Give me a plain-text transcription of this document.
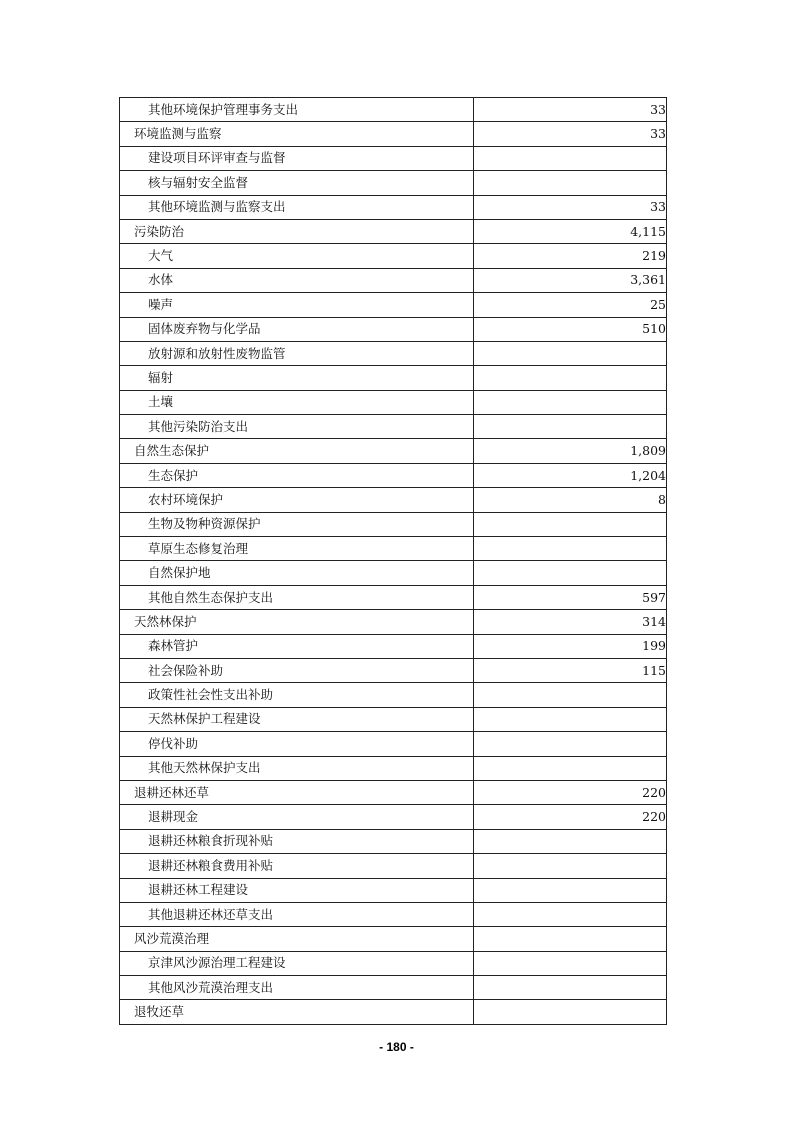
其他环境保护管理事务支出	33
环境监测与监察	33
建设项目环评审查与监督	
核与辐射安全监督	
其他环境监测与监察支出	33
污染防治	4,115
大气	219
水体	3,361
噪声	25
固体废弃物与化学品	510
放射源和放射性废物监管	
辐射	
土壤	
其他污染防治支出	
自然生态保护	1,809
生态保护	1,204
农村环境保护	8
生物及物种资源保护	
草原生态修复治理	
自然保护地	
其他自然生态保护支出	597
天然林保护	314
森林管护	199
社会保险补助	115
政策性社会性支出补助	
天然林保护工程建设	
停伐补助	
其他天然林保护支出	
退耕还林还草	220
退耕现金	220
退耕还林粮食折现补贴	
退耕还林粮食费用补贴	
退耕还林工程建设	
其他退耕还林还草支出	
风沙荒漠治理	
京津风沙源治理工程建设	
其他风沙荒漠治理支出	
退牧还草	
- 180 -
